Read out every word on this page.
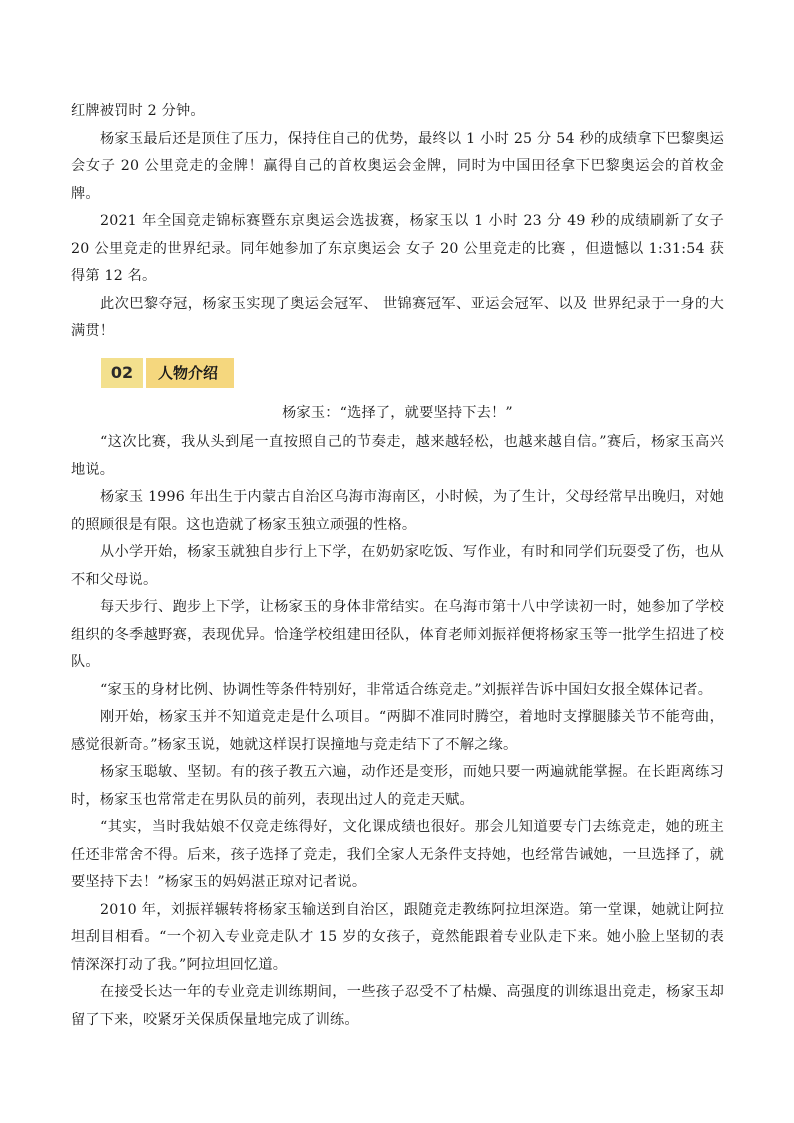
红牌被罚时 2 分钟。

杨家玉最后还是顶住了压力，保持住自己的优势，最终以 1 小时 25 分 54 秒的成绩拿下巴黎奥运会女子 20 公里竞走的金牌！赢得自己的首枚奥运会金牌，同时为中国田径拿下巴黎奥运会的首枚金牌。

2021 年全国竞走锦标赛暨东京奥运会选拔赛，杨家玉以 1 小时 23 分 49 秒的成绩刷新了女子 20 公里竞走的世界纪录。同年她参加了东京奥运会 女子 20 公里竞走的比赛 ，但遗憾以 1:31:54 获得第 12 名。

此次巴黎夺冠，杨家玉实现了奥运会冠军、 世锦赛冠军、亚运会冠军、以及 世界纪录于一身的大满贯！

02	人物介绍

杨家玉：“选择了，就要坚持下去！”

“这次比赛，我从头到尾一直按照自己的节奏走，越来越轻松，也越来越自信。”赛后，杨家玉高兴地说。

杨家玉 1996 年出生于内蒙古自治区乌海市海南区，小时候，为了生计，父母经常早出晚归，对她的照顾很是有限。这也造就了杨家玉独立顽强的性格。

从小学开始，杨家玉就独自步行上下学，在奶奶家吃饭、写作业，有时和同学们玩耍受了伤，也从不和父母说。

每天步行、跑步上下学，让杨家玉的身体非常结实。在乌海市第十八中学读初一时，她参加了学校组织的冬季越野赛，表现优异。恰逢学校组建田径队，体育老师刘振祥便将杨家玉等一批学生招进了校队。

“家玉的身材比例、协调性等条件特别好，非常适合练竞走。”刘振祥告诉中国妇女报全媒体记者。

刚开始，杨家玉并不知道竞走是什么项目。“两脚不准同时腾空，着地时支撑腿膝关节不能弯曲，感觉很新奇。”杨家玉说，她就这样误打误撞地与竞走结下了不解之缘。

杨家玉聪敏、坚韧。有的孩子教五六遍，动作还是变形，而她只要一两遍就能掌握。在长距离练习时，杨家玉也常常走在男队员的前列，表现出过人的竞走天赋。

“其实，当时我姑娘不仅竞走练得好，文化课成绩也很好。那会儿知道要专门去练竞走，她的班主任还非常舍不得。后来，孩子选择了竞走，我们全家人无条件支持她，也经常告诫她，一旦选择了，就要坚持下去！”杨家玉的妈妈湛正琼对记者说。

2010 年，刘振祥辗转将杨家玉输送到自治区，跟随竞走教练阿拉坦深造。第一堂课，她就让阿拉坦刮目相看。“一个初入专业竞走队才 15 岁的女孩子，竟然能跟着专业队走下来。她小脸上坚韧的表情深深打动了我。”阿拉坦回忆道。

在接受长达一年的专业竞走训练期间，一些孩子忍受不了枯燥、高强度的训练退出竞走，杨家玉却留了下来，咬紧牙关保质保量地完成了训练。
